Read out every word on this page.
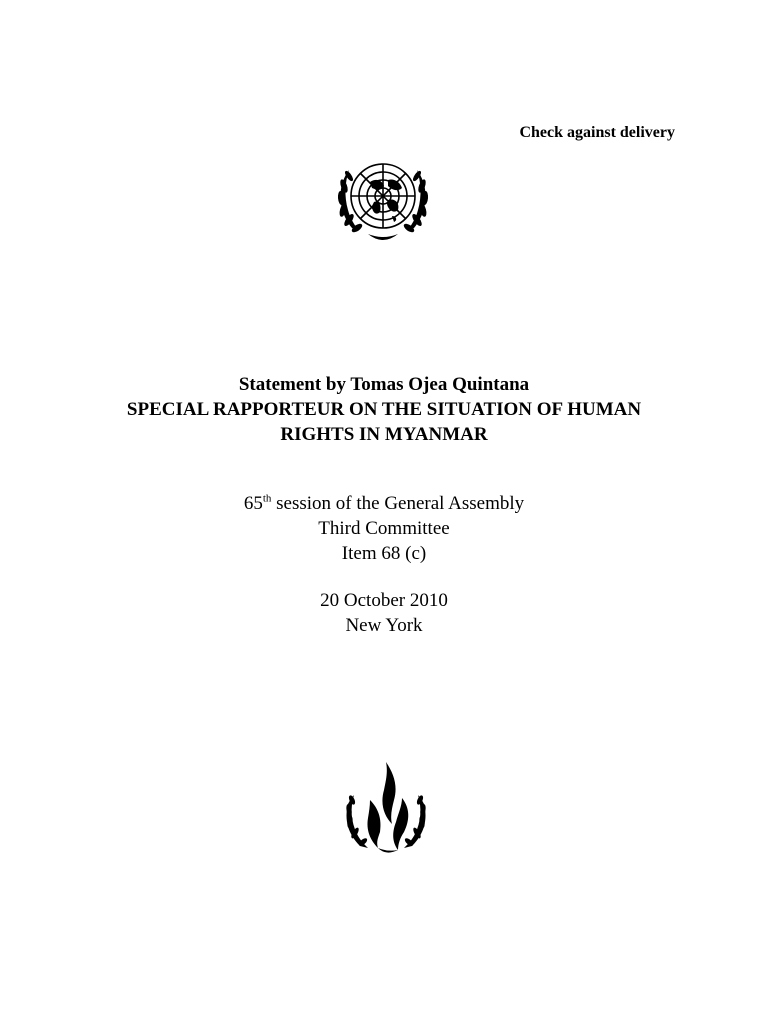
Check against delivery
Statement by Tomas Ojea Quintana
SPECIAL RAPPORTEUR ON THE SITUATION OF HUMAN
RIGHTS IN MYANMAR
65th session of the General Assembly
Third Committee
Item 68 (c)
20 October 2010
New York
